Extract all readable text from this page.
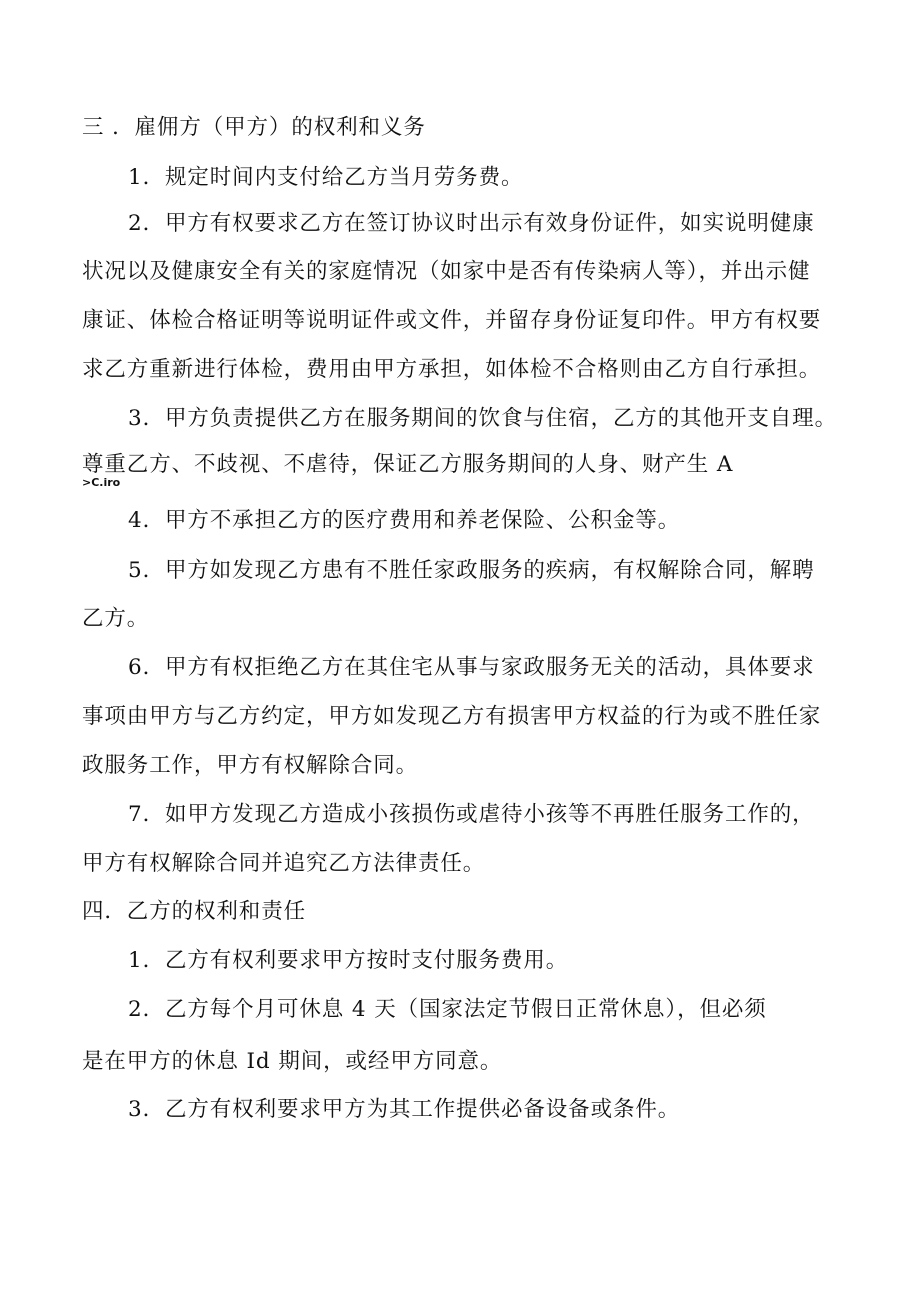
三 ．雇佣方（甲方）的权利和义务
1．规定时间内支付给乙方当月劳务费。
2．甲方有权要求乙方在签订协议时出示有效身份证件，如实说明健康
状况以及健康安全有关的家庭情况（如家中是否有传染病人等），并出示健
康证、体检合格证明等说明证件或文件，并留存身份证复印件。甲方有权要
求乙方重新进行体检，费用由甲方承担，如体检不合格则由乙方自行承担。
3．甲方负责提供乙方在服务期间的饮食与住宿，乙方的其他开支自理。
尊重乙方、不歧视、不虐待，保证乙方服务期间的人身、财产生 A
>C.iro
4．甲方不承担乙方的医疗费用和养老保险、公积金等。
5．甲方如发现乙方患有不胜任家政服务的疾病，有权解除合同，解聘
乙方。
6．甲方有权拒绝乙方在其住宅从事与家政服务无关的活动，具体要求
事项由甲方与乙方约定，甲方如发现乙方有损害甲方权益的行为或不胜任家
政服务工作，甲方有权解除合同。
7．如甲方发现乙方造成小孩损伤或虐待小孩等不再胜任服务工作的，
甲方有权解除合同并追究乙方法律责任。
四．乙方的权利和责任
1．乙方有权利要求甲方按时支付服务费用。
2．乙方每个月可休息 4 天（国家法定节假日正常休息），但必须
是在甲方的休息 Id 期间，或经甲方同意。
3．乙方有权利要求甲方为其工作提供必备设备或条件。
